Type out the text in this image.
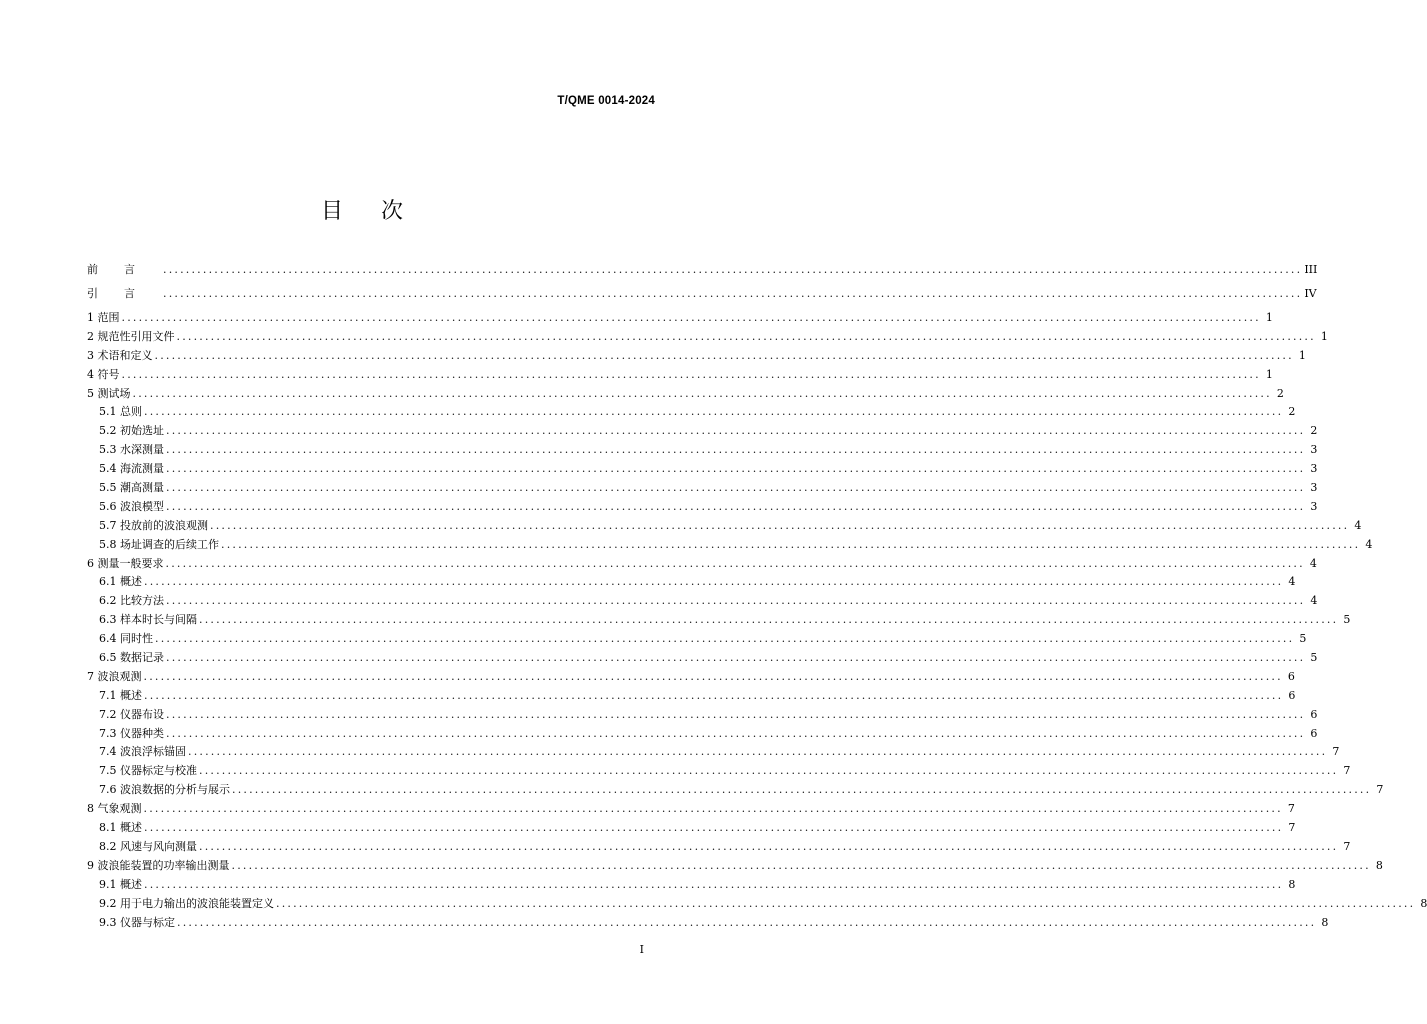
T/QME 0014-2024
目 次
前言 ........................................................................................................................................................................................................ III
引言 ........................................................................................................................................................................................................ IV
1 范围 ........................................................................................................................................................................................................ 1
2 规范性引用文件 ........................................................................................................................................................................................................ 1
3 术语和定义 ........................................................................................................................................................................................................ 1
4 符号 ........................................................................................................................................................................................................ 1
5 测试场 ........................................................................................................................................................................................................ 2
5.1 总则 ........................................................................................................................................................................................................ 2
5.2 初始选址 ........................................................................................................................................................................................................ 2
5.3 水深测量 ........................................................................................................................................................................................................ 3
5.4 海流测量 ........................................................................................................................................................................................................ 3
5.5 潮高测量 ........................................................................................................................................................................................................ 3
5.6 波浪模型 ........................................................................................................................................................................................................ 3
5.7 投放前的波浪观测 ........................................................................................................................................................................................................ 4
5.8 场址调查的后续工作 ........................................................................................................................................................................................................ 4
6 测量一般要求 ........................................................................................................................................................................................................ 4
6.1 概述 ........................................................................................................................................................................................................ 4
6.2 比较方法 ........................................................................................................................................................................................................ 4
6.3 样本时长与间隔 ........................................................................................................................................................................................................ 5
6.4 同时性 ........................................................................................................................................................................................................ 5
6.5 数据记录 ........................................................................................................................................................................................................ 5
7 波浪观测 ........................................................................................................................................................................................................ 6
7.1 概述 ........................................................................................................................................................................................................ 6
7.2 仪器布设 ........................................................................................................................................................................................................ 6
7.3 仪器种类 ........................................................................................................................................................................................................ 6
7.4 波浪浮标锚固 ........................................................................................................................................................................................................ 7
7.5 仪器标定与校准 ........................................................................................................................................................................................................ 7
7.6 波浪数据的分析与展示 ........................................................................................................................................................................................................ 7
8 气象观测 ........................................................................................................................................................................................................ 7
8.1 概述 ........................................................................................................................................................................................................ 7
8.2 风速与风向测量 ........................................................................................................................................................................................................ 7
9 波浪能装置的功率输出测量 ........................................................................................................................................................................................................ 8
9.1 概述 ........................................................................................................................................................................................................ 8
9.2 用于电力输出的波浪能装置定义 ........................................................................................................................................................................................................ 8
9.3 仪器与标定 ........................................................................................................................................................................................................ 8
I
